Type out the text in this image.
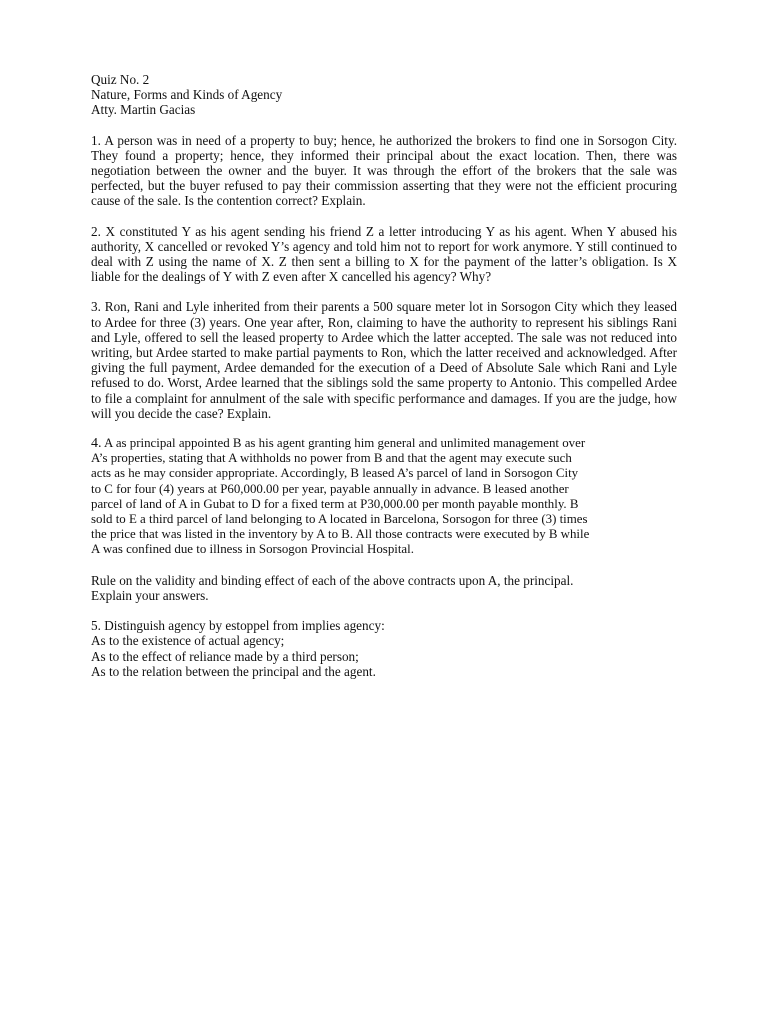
Quiz No. 2
Nature, Forms and Kinds of Agency
Atty. Martin Gacias

1. A person was in need of a property to buy; hence, he authorized the brokers to find one in Sorsogon City. They found a property; hence, they informed their principal about the exact location. Then, there was negotiation between the owner and the buyer. It was through the effort of the brokers that the sale was perfected, but the buyer refused to pay their commission asserting that they were not the efficient procuring cause of the sale. Is the contention correct? Explain.

2. X constituted Y as his agent sending his friend Z a letter introducing Y as his agent. When Y abused his authority, X cancelled or revoked Y’s agency and told him not to report for work anymore. Y still continued to deal with Z using the name of X. Z then sent a billing to X for the payment of the latter’s obligation. Is X liable for the dealings of Y with Z even after X cancelled his agency? Why?

3. Ron, Rani and Lyle inherited from their parents a 500 square meter lot in Sorsogon City which they leased to Ardee for three (3) years. One year after, Ron, claiming to have the authority to represent his siblings Rani and Lyle, offered to sell the leased property to Ardee which the latter accepted. The sale was not reduced into writing, but Ardee started to make partial payments to Ron, which the latter received and acknowledged. After giving the full payment, Ardee demanded for the execution of a Deed of Absolute Sale which Rani and Lyle refused to do. Worst, Ardee learned that the siblings sold the same property to Antonio. This compelled Ardee to file a complaint for annulment of the sale with specific performance and damages. If you are the judge, how will you decide the case? Explain.

4. A as principal appointed B as his agent granting him general and unlimited management over
A’s properties, stating that A withholds no power from B and that the agent may execute such
acts as he may consider appropriate. Accordingly, B leased A’s parcel of land in Sorsogon City
to C for four (4) years at P60,000.00 per year, payable annually in advance. B leased another
parcel of land of A in Gubat to D for a fixed term at P30,000.00 per month payable monthly. B
sold to E a third parcel of land belonging to A located in Barcelona, Sorsogon for three (3) times
the price that was listed in the inventory by A to B. All those contracts were executed by B while
A was confined due to illness in Sorsogon Provincial Hospital.
Rule on the validity and binding effect of each of the above contracts upon A, the principal.
Explain your answers.
5. Distinguish agency by estoppel from implies agency:
As to the existence of actual agency;
As to the effect of reliance made by a third person;
As to the relation between the principal and the agent.
